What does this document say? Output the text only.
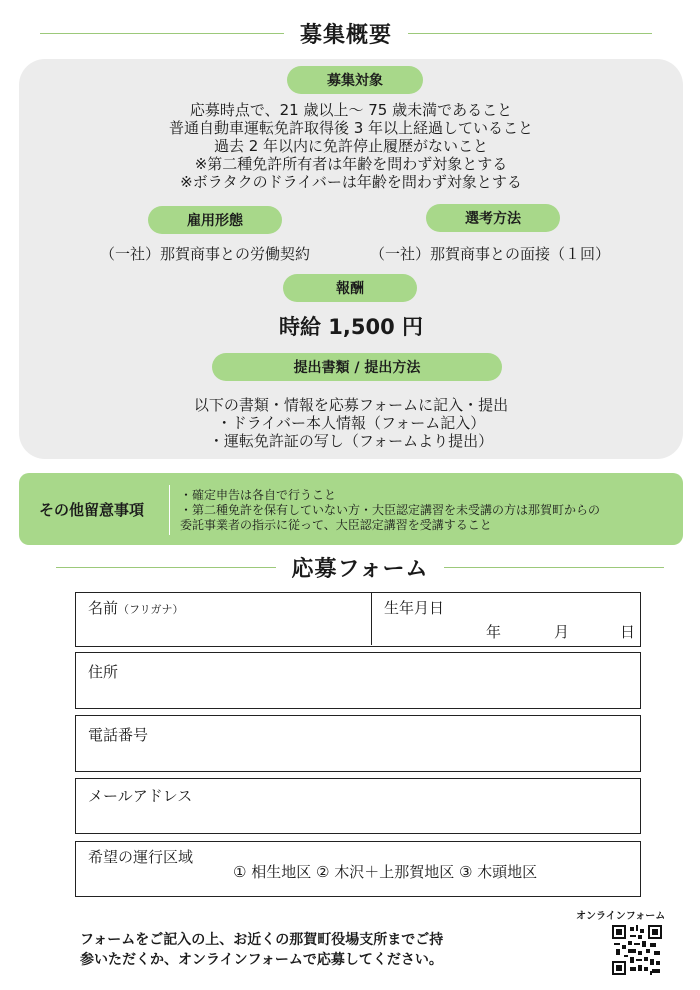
募集概要
募集対象
応募時点で、21 歳以上～ 75 歳未満であること
普通自動車運転免許取得後 3 年以上経過していること
過去 2 年以内に免許停止履歴がないこと
※第二種免許所有者は年齢を問わず対象とする
※ボラタクのドライバーは年齢を問わず対象とする
雇用形態
（一社）那賀商事との労働契約
選考方法
（一社）那賀商事との面接（１回）
報酬
時給 1,500 円
提出書類 / 提出方法
以下の書類・情報を応募フォームに記入・提出
・ドライバー本人情報（フォーム記入）
・運転免許証の写し（フォームより提出）
その他留意事項
・確定申告は各自で行うこと
・第二種免許を保有していない方・大臣認定講習を未受講の方は那賀町からの
委託事業者の指示に従って、大臣認定講習を受講すること
応募フォーム
名前（フリガナ）	生年月日
年	月	日
住所
電話番号
メールアドレス
希望の運行区域
① 相生地区 ② 木沢＋上那賀地区 ③ 木頭地区
オンラインフォーム
フォームをご記入の上、お近くの那賀町役場支所までご持
参いただくか、オンラインフォームで応募してください。
